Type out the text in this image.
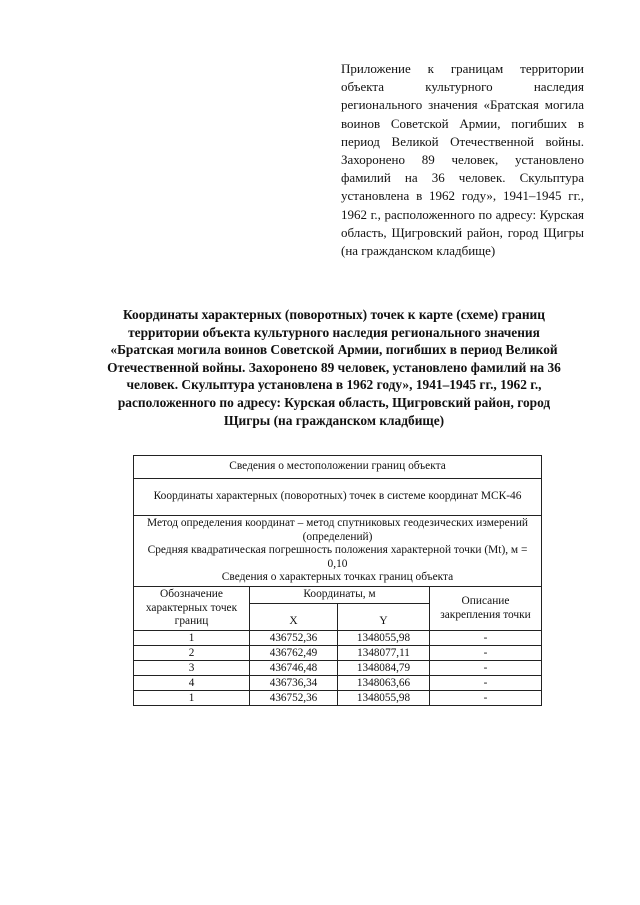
Приложение к границам территории объекта культурного наследия регионального значения «Братская могила воинов Советской Армии, погибших в период Великой Отечественной войны. Захоронено 89 человек, установлено фамилий на 36 человек. Скульптура установлена в 1962 году», 1941–1945 гг., 1962 г., расположенного по адресу: Курская область, Щигровский район, город Щигры (на гражданском кладбище)
Координаты характерных (поворотных) точек к карте (схеме) границ территории объекта культурного наследия регионального значения «Братская могила воинов Советской Армии, погибших в период Великой Отечественной войны. Захоронено 89 человек, установлено фамилий на 36 человек. Скульптура установлена в 1962 году», 1941–1945 гг., 1962 г., расположенного по адресу: Курская область, Щигровский район, город Щигры (на гражданском кладбище)
Сведения о местоположении границ объекта			
Координаты характерных (поворотных) точек в системе координат МСК-46			

Метод определения координат – метод спутниковых геодезических измерений (определений)
Средняя квадратическая погрешность положения характерной точки (Mt), м = 0,10
Сведения о характерных точках границ объекта			

Обозначение характерных точек границ	Координаты, м		Описание закрепления точки
	X	Y	
1	436752,36	1348055,98	-
2	436762,49	1348077,11	-
3	436746,48	1348084,79	-
4	436736,34	1348063,66	-
1	436752,36	1348055,98	-
